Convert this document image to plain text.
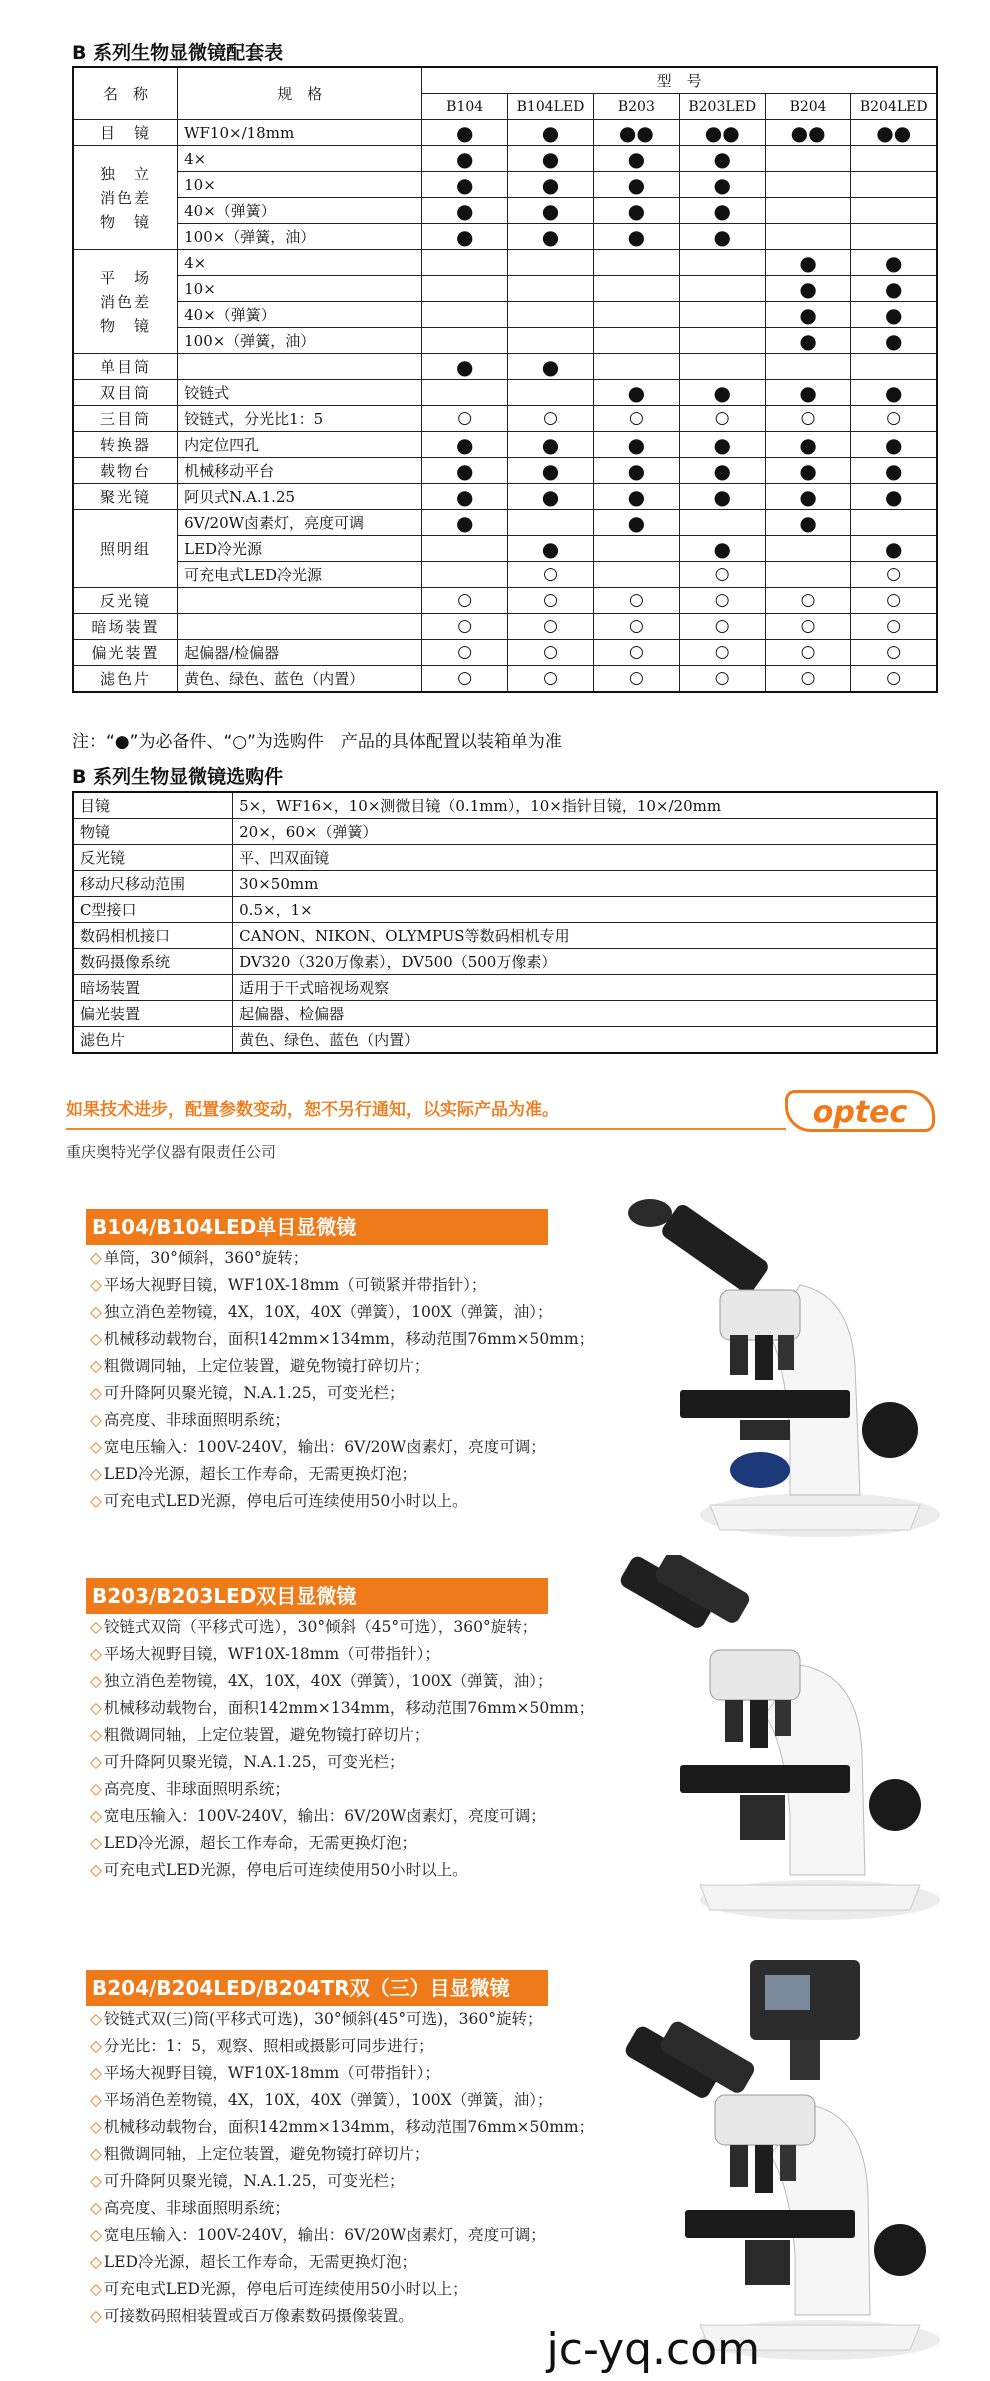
B 系列生物显微镜配套表
名　称	规　格	型　号					
		B104	B104LED	B203	B203LED	B204	B204LED
目　镜	WF10×/18mm	●	●	●●	●●	●●	●●
独　立
消色差
物　镜	4×	●	●	●	●		
	10×	●	●	●	●		
	40×（弹簧）	●	●	●	●		
	100×（弹簧，油）	●	●	●	●		
平　场
消色差
物　镜	4×					●	●
	10×					●	●
	40×（弹簧）					●	●
	100×（弹簧，油）					●	●
单目筒		●	●				
双目筒	铰链式			●	●	●	●
三目筒	铰链式，分光比1：5	○	○	○	○	○	○
转换器	内定位四孔	●	●	●	●	●	●
载物台	机械移动平台	●	●	●	●	●	●
聚光镜	阿贝式N.A.1.25	●	●	●	●	●	●
照明组	6V/20W卤素灯，亮度可调	●		●		●	
	LED冷光源		●		●		●
	可充电式LED冷光源		○		○		○
反光镜		○	○	○	○	○	○
暗场装置		○	○	○	○	○	○
偏光装置	起偏器/检偏器	○	○	○	○	○	○
滤色片	黄色、绿色、蓝色（内置）	○	○	○	○	○	○
注：“●”为必备件、“○”为选购件　产品的具体配置以装箱单为准
B 系列生物显微镜选购件
目镜	5×，WF16×，10×测微目镜（0.1mm），10×指针目镜，10×/20mm
物镜	20×，60×（弹簧）
反光镜	平、凹双面镜
移动尺移动范围	30×50mm
C型接口	0.5×，1×
数码相机接口	CANON、NIKON、OLYMPUS等数码相机专用
数码摄像系统	DV320（320万像素），DV500（500万像素）
暗场装置	适用于干式暗视场观察
偏光装置	起偏器、检偏器
滤色片	黄色、绿色、蓝色（内置）
如果技术进步，配置参数变动，恕不另行通知，以实际产品为准。	optec
重庆奥特光学仪器有限责任公司
B104/B104LED单目显微镜
◇ 单筒，30°倾斜，360°旋转；
◇ 平场大视野目镜，WF10X-18mm（可锁紧并带指针）；
◇ 独立消色差物镜，4X，10X，40X（弹簧），100X（弹簧，油）；
◇ 机械移动载物台，面积142mm×134mm，移动范围76mm×50mm；
◇ 粗微调同轴，上定位装置，避免物镜打碎切片；
◇ 可升降阿贝聚光镜，N.A.1.25，可变光栏；
◇ 高亮度、非球面照明系统；
◇ 宽电压输入：100V-240V，输出：6V/20W卤素灯，亮度可调；
◇ LED冷光源，超长工作寿命，无需更换灯泡；
◇ 可充电式LED光源，停电后可连续使用50小时以上。
B203/B203LED双目显微镜
◇ 铰链式双筒（平移式可选），30°倾斜（45°可选），360°旋转；
◇ 平场大视野目镜，WF10X-18mm（可带指针）；
◇ 独立消色差物镜，4X，10X，40X（弹簧），100X（弹簧，油）；
◇ 机械移动载物台，面积142mm×134mm，移动范围76mm×50mm；
◇ 粗微调同轴，上定位装置，避免物镜打碎切片；
◇ 可升降阿贝聚光镜，N.A.1.25，可变光栏；
◇ 高亮度、非球面照明系统；
◇ 宽电压输入：100V-240V，输出：6V/20W卤素灯，亮度可调；
◇ LED冷光源，超长工作寿命，无需更换灯泡；
◇ 可充电式LED光源，停电后可连续使用50小时以上。
B204/B204LED/B204TR双（三）目显微镜
◇ 铰链式双(三)筒(平移式可选)，30°倾斜(45°可选)，360°旋转；
◇ 分光比：1：5，观察、照相或摄影可同步进行；
◇ 平场大视野目镜，WF10X-18mm（可带指针）；
◇ 平场消色差物镜，4X，10X，40X（弹簧），100X（弹簧，油）；
◇ 机械移动载物台，面积142mm×134mm，移动范围76mm×50mm；
◇ 粗微调同轴，上定位装置，避免物镜打碎切片；
◇ 可升降阿贝聚光镜，N.A.1.25，可变光栏；
◇ 高亮度、非球面照明系统；
◇ 宽电压输入：100V-240V，输出：6V/20W卤素灯，亮度可调；
◇ LED冷光源，超长工作寿命，无需更换灯泡；
◇ 可充电式LED光源，停电后可连续使用50小时以上；
◇ 可接数码照相装置或百万像素数码摄像装置。
jc-yq.com
